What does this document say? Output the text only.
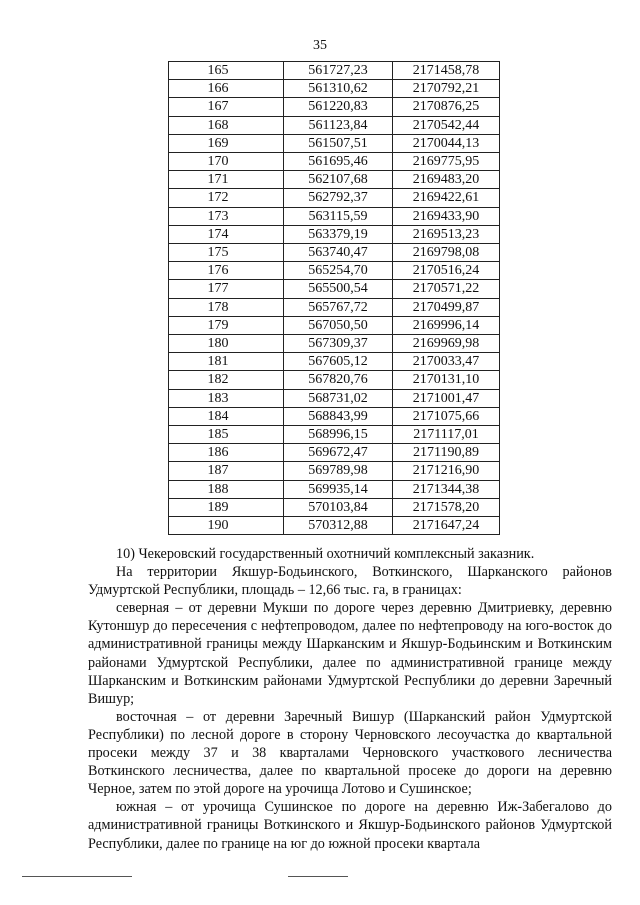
35
165	561727,23	2171458,78
166	561310,62	2170792,21
167	561220,83	2170876,25
168	561123,84	2170542,44
169	561507,51	2170044,13
170	561695,46	2169775,95
171	562107,68	2169483,20
172	562792,37	2169422,61
173	563115,59	2169433,90
174	563379,19	2169513,23
175	563740,47	2169798,08
176	565254,70	2170516,24
177	565500,54	2170571,22
178	565767,72	2170499,87
179	567050,50	2169996,14
180	567309,37	2169969,98
181	567605,12	2170033,47
182	567820,76	2170131,10
183	568731,02	2171001,47
184	568843,99	2171075,66
185	568996,15	2171117,01
186	569672,47	2171190,89
187	569789,98	2171216,90
188	569935,14	2171344,38
189	570103,84	2171578,20
190	570312,88	2171647,24

10) Чекеровский государственный охотничий комплексный заказник.

На территории Якшур-Бодьинского, Воткинского, Шарканского районов Удмуртской Республики, площадь – 12,66 тыс. га, в границах:

северная – от деревни Мукши по дороге через деревню Дмитриевку, деревню Кутоншур до пересечения с нефтепроводом, далее по нефтепроводу на юго-восток до административной границы между Шарканским и Якшур-Бодьинским и Воткинским районами Удмуртской Республики, далее по административной границе между Шарканским и Воткинским районами Удмуртской Республики до деревни Заречный Вишур;

восточная – от деревни Заречный Вишур (Шарканский район Удмуртской Республики) по лесной дороге в сторону Черновского лесоучастка до квартальной просеки между 37 и 38 кварталами Черновского участкового лесничества Воткинского лесничества, далее по квартальной просеке до дороги на деревню Черное, затем по этой дороге на урочища Лотово и Сушинское;

южная – от урочища Сушинское по дороге на деревню Иж-Забегалово до административной границы Воткинского и Якшур-Бодьинского районов Удмуртской Республики, далее по границе на юг до южной просеки квартала
